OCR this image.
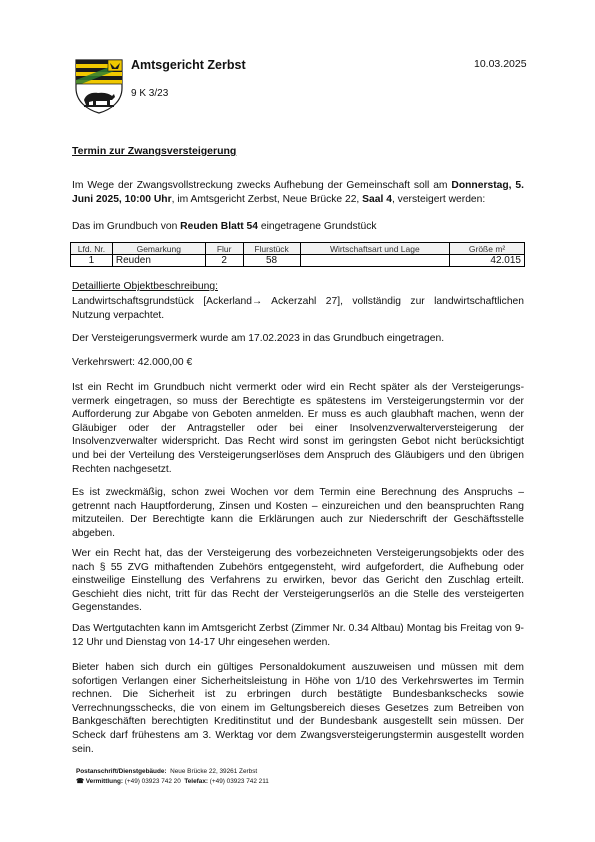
Amtsgericht Zerbst	10.03.2025
9 K 3/23
Termin zur Zwangsversteigerung
Im Wege der Zwangsvollstreckung zwecks Aufhebung der Gemeinschaft soll am Donnerstag, 5. Juni 2025, 10:00 Uhr, im Amtsgericht Zerbst, Neue Brücke 22, Saal 4, versteigert werden:
Das im Grundbuch von Reuden Blatt 54 eingetragene Grundstück
Lfd. Nr.	Gemarkung	Flur	Flurstück	Wirtschaftsart und Lage	Größe m²
1	Reuden	2	58		42.015
Detaillierte Objektbeschreibung:
Landwirtschaftsgrundstück [Ackerland→ Ackerzahl 27], vollständig zur landwirtschaftlichen Nutzung verpachtet.
Der Versteigerungsvermerk wurde am 17.02.2023 in das Grundbuch eingetragen.
Verkehrswert: 42.000,00 €
Ist ein Recht im Grundbuch nicht vermerkt oder wird ein Recht später als der Versteigerungs-vermerk eingetragen, so muss der Berechtigte es spätestens im Versteigerungstermin vor der Aufforderung zur Abgabe von Geboten anmelden. Er muss es auch glaubhaft machen, wenn der Gläubiger oder der Antragsteller oder bei einer Insolvenzverwalterversteigerung der Insolvenzverwalter widerspricht. Das Recht wird sonst im geringsten Gebot nicht berücksichtigt und bei der Verteilung des Versteigerungserlöses dem Anspruch des Gläubigers und den übrigen Rechten nachgesetzt.
Es ist zweckmäßig, schon zwei Wochen vor dem Termin eine Berechnung des Anspruchs – getrennt nach Hauptforderung, Zinsen und Kosten – einzureichen und den beanspruchten Rang mitzuteilen. Der Berechtigte kann die Erklärungen auch zur Niederschrift der Geschäftsstelle abgeben.
Wer ein Recht hat, das der Versteigerung des vorbezeichneten Versteigerungsobjekts oder des nach § 55 ZVG mithaftenden Zubehörs entgegensteht, wird aufgefordert, die Aufhebung oder einstweilige Einstellung des Verfahrens zu erwirken, bevor das Gericht den Zuschlag erteilt. Geschieht dies nicht, tritt für das Recht der Versteigerungserlös an die Stelle des versteigerten Gegenstandes.
Das Wertgutachten kann im Amtsgericht Zerbst (Zimmer Nr. 0.34 Altbau) Montag bis Freitag von 9-12 Uhr und Dienstag von 14-17 Uhr eingesehen werden.
Bieter haben sich durch ein gültiges Personaldokument auszuweisen und müssen mit dem sofortigen Verlangen einer Sicherheitsleistung in Höhe von 1/10 des Verkehrswertes im Termin rechnen. Die Sicherheit ist zu erbringen durch bestätigte Bundesbankschecks sowie Verrechnungsschecks, die von einem im Geltungsbereich dieses Gesetzes zum Betreiben von Bankgeschäften berechtigten Kreditinstitut und der Bundesbank ausgestellt sein müssen. Der Scheck darf frühestens am 3. Werktag vor dem Zwangsversteigerungstermin ausgestellt worden sein.
Postanschrift/Dienstgebäude: Neue Brücke 22, 39261 Zerbst
☎ Vermittlung: (+49) 03923 742 20 Telefax: (+49) 03923 742 211
